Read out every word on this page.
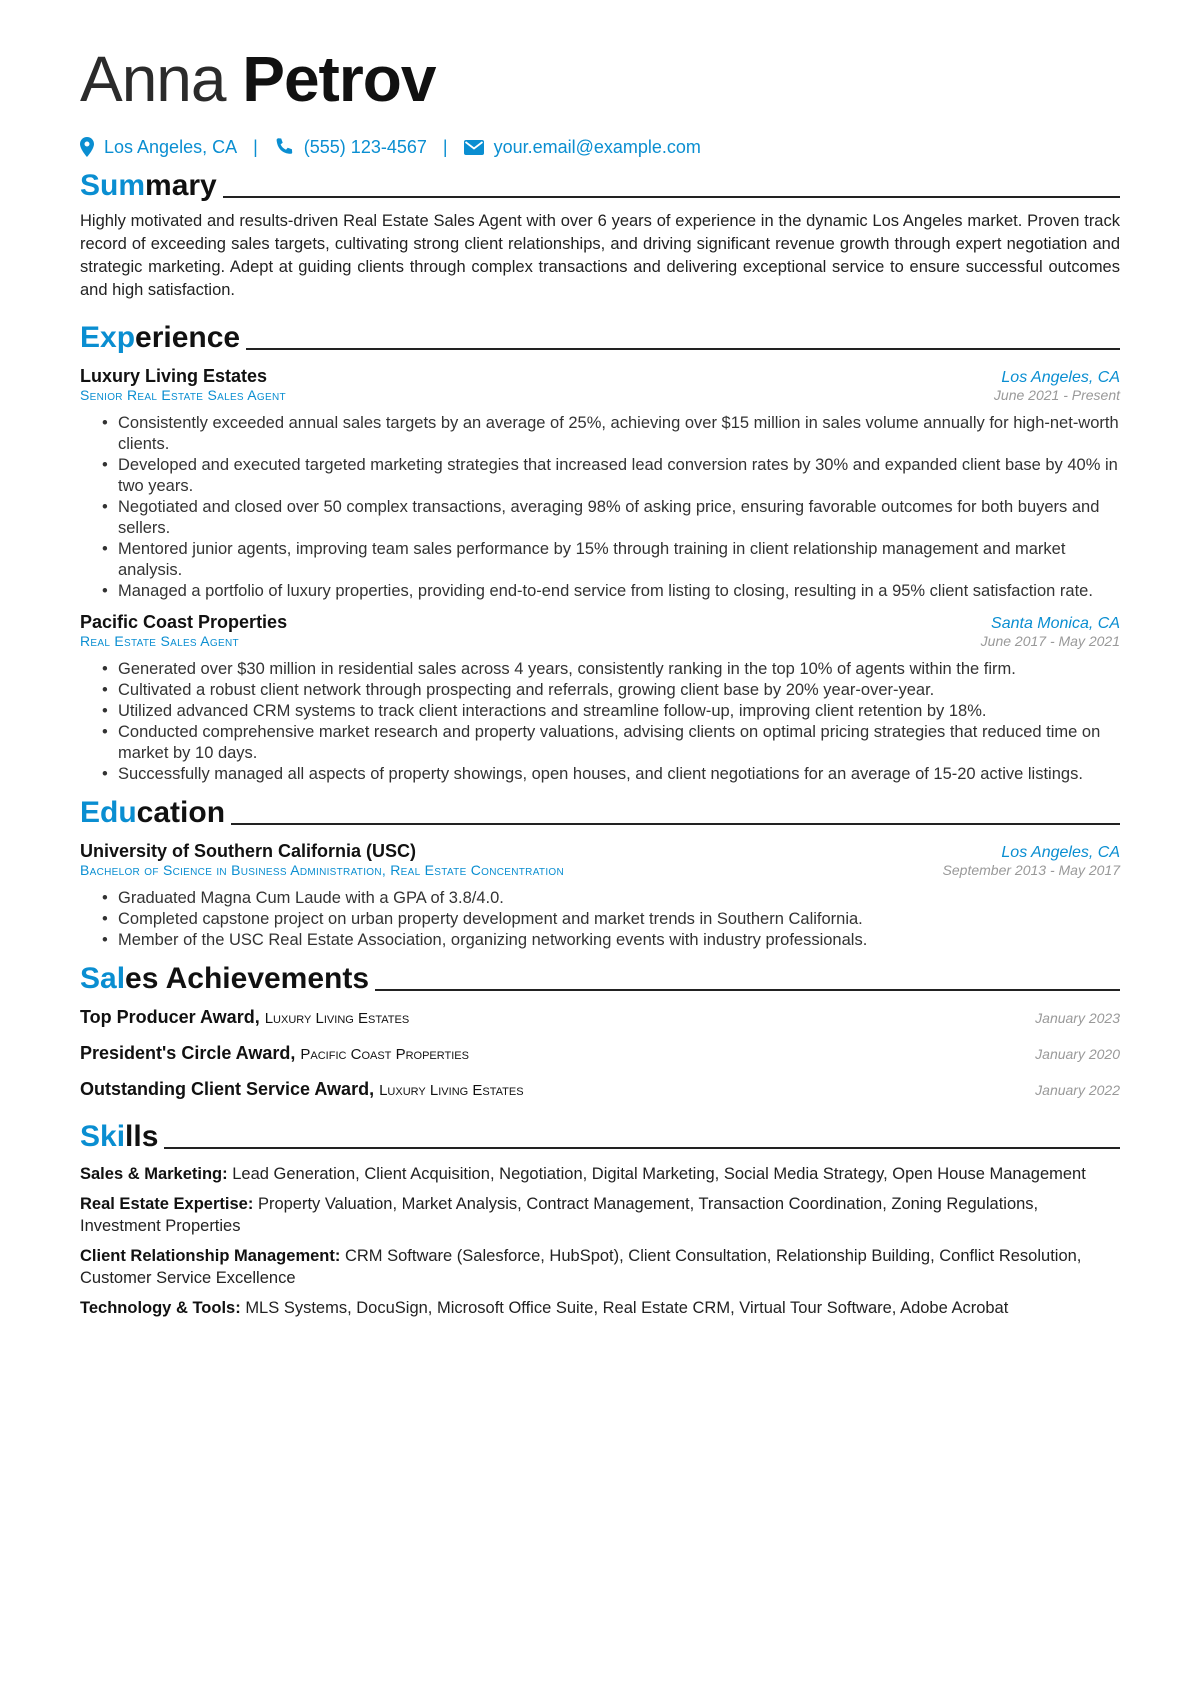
Anna Petrov
Los Angeles, CA |	(555) 123-4567 |	your.email@example.com
Summary

Highly motivated and results-driven Real Estate Sales Agent with over 6 years of experience in the dynamic Los Angeles market. Proven track record of exceeding sales targets, cultivating strong client relationships, and driving significant revenue growth through expert negotiation and strategic marketing. Adept at guiding clients through complex transactions and delivering exceptional service to ensure successful outcomes and high satisfaction.

Experience
Luxury Living Estates	Los Angeles, CA
Senior Real Estate Sales Agent	June 2021 - Present
• Consistently exceeded annual sales targets by an average of 25%, achieving over $15 million in sales volume annually for high-net-worth clients.
• Developed and executed targeted marketing strategies that increased lead conversion rates by 30% and expanded client base by 40% in two years.
• Negotiated and closed over 50 complex transactions, averaging 98% of asking price, ensuring favorable outcomes for both buyers and sellers.
• Mentored junior agents, improving team sales performance by 15% through training in client relationship management and market analysis.
• Managed a portfolio of luxury properties, providing end-to-end service from listing to closing, resulting in a 95% client satisfaction rate.
Pacific Coast Properties	Santa Monica, CA
Real Estate Sales Agent	June 2017 - May 2021
• Generated over $30 million in residential sales across 4 years, consistently ranking in the top 10% of agents within the firm.
• Cultivated a robust client network through prospecting and referrals, growing client base by 20% year-over-year.
• Utilized advanced CRM systems to track client interactions and streamline follow-up, improving client retention by 18%.
• Conducted comprehensive market research and property valuations, advising clients on optimal pricing strategies that reduced time on market by 10 days.
• Successfully managed all aspects of property showings, open houses, and client negotiations for an average of 15-20 active listings.
Education
University of Southern California (USC)	Los Angeles, CA
Bachelor of Science in Business Administration, Real Estate Concentration	September 2013 - May 2017
• Graduated Magna Cum Laude with a GPA of 3.8/4.0.
• Completed capstone project on urban property development and market trends in Southern California.
• Member of the USC Real Estate Association, organizing networking events with industry professionals.
Sales Achievements
Top Producer Award, Luxury Living Estates	January 2023
President's Circle Award, Pacific Coast Properties	January 2020
Outstanding Client Service Award, Luxury Living Estates	January 2022
Skills
Sales & Marketing: Lead Generation, Client Acquisition, Negotiation, Digital Marketing, Social Media Strategy, Open House Management
Real Estate Expertise: Property Valuation, Market Analysis, Contract Management, Transaction Coordination, Zoning Regulations, Investment Properties
Client Relationship Management: CRM Software (Salesforce, HubSpot), Client Consultation, Relationship Building, Conflict Resolution, Customer Service Excellence
Technology & Tools: MLS Systems, DocuSign, Microsoft Office Suite, Real Estate CRM, Virtual Tour Software, Adobe Acrobat
